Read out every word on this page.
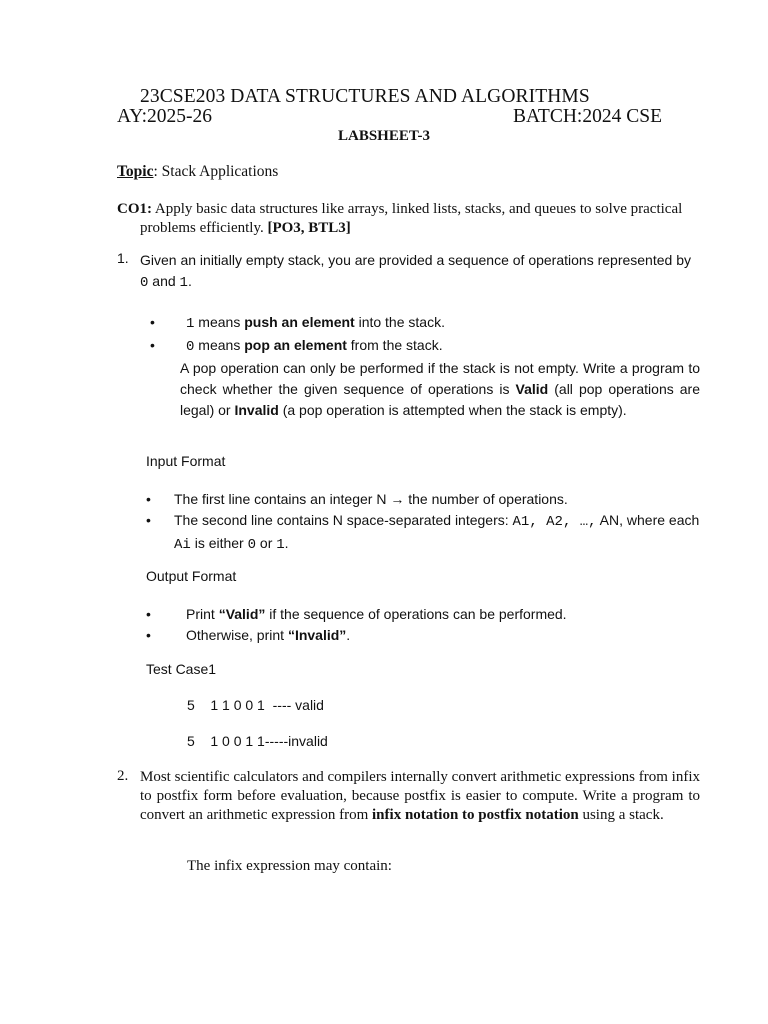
23CSE203 DATA STRUCTURES AND ALGORITHMS
AY:2025-26	BATCH:2024 CSE
LABSHEET-3
Topic: Stack Applications
CO1: Apply basic data structures like arrays, linked lists, stacks, and queues to solve practical
problems efficiently. [PO3, BTL3]
1. Given an initially empty stack, you are provided a sequence of operations represented by 0 and 1.
• 1 means push an element into the stack.
• 0 means pop an element from the stack.
A pop operation can only be performed if the stack is not empty. Write a program to check whether the given sequence of operations is Valid (all pop operations are legal) or Invalid (a pop operation is attempted when the stack is empty).
Input Format
• The first line contains an integer N → the number of operations.
• The second line contains N space-separated integers: A1, A2, …, AN, where each Ai is either 0 or 1.
Output Format
•	Print “Valid” if the sequence of operations can be performed.
•	Otherwise, print “Invalid”.
Test Case1
5    1 1 0 0 1  ---- valid
5    1 0 0 1 1-----invalid
2. Most scientific calculators and compilers internally convert arithmetic expressions from infix to postfix form before evaluation, because postfix is easier to compute. Write a program to convert an arithmetic expression from infix notation to postfix notation using a stack.
The infix expression may contain:
